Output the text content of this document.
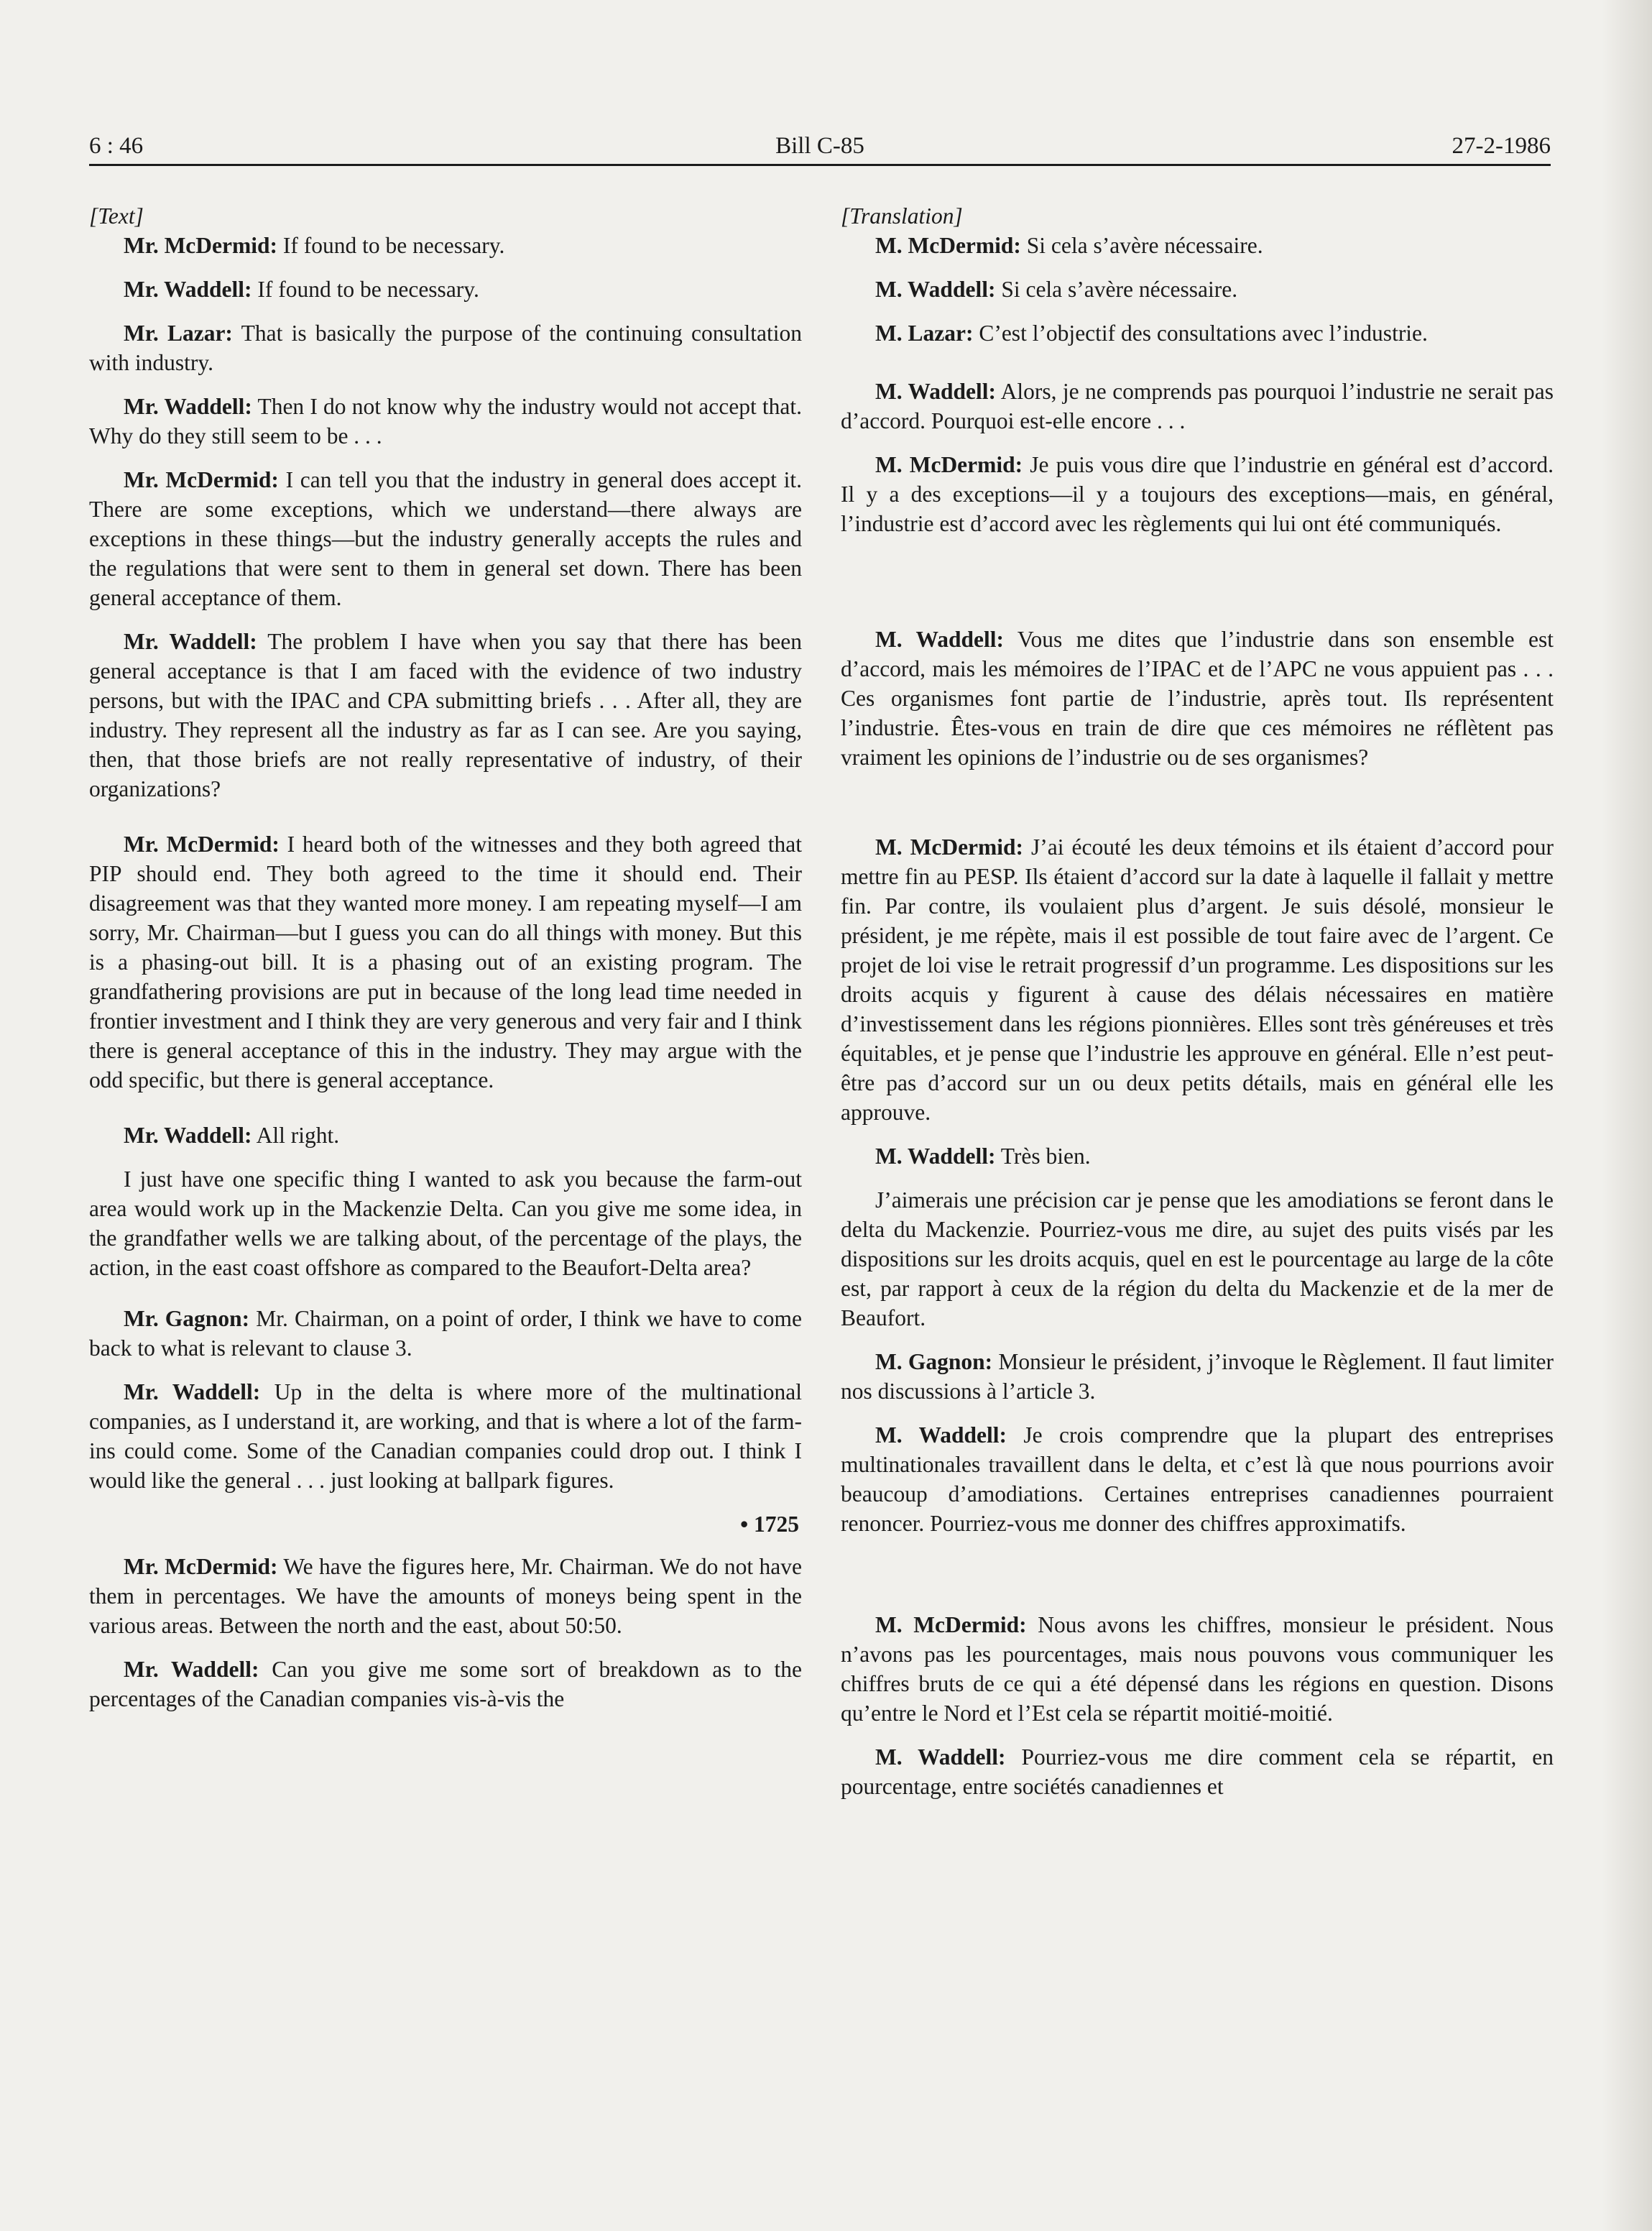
6 : 46	Bill C-85	27-2-1986

[Text]

Mr. McDermid: If found to be necessary.

Mr. Waddell: If found to be necessary.

Mr. Lazar: That is basically the purpose of the continuing consultation with industry.

Mr. Waddell: Then I do not know why the industry would not accept that. Why do they still seem to be . . .

Mr. McDermid: I can tell you that the industry in general does accept it. There are some exceptions, which we understand—there always are exceptions in these things—but the industry generally accepts the rules and the regulations that were sent to them in general set down. There has been general acceptance of them.

Mr. Waddell: The problem I have when you say that there has been general acceptance is that I am faced with the evidence of two industry persons, but with the IPAC and CPA submitting briefs . . . After all, they are industry. They represent all the industry as far as I can see. Are you saying, then, that those briefs are not really representative of industry, of their organizations?

Mr. McDermid: I heard both of the witnesses and they both agreed that PIP should end. They both agreed to the time it should end. Their disagreement was that they wanted more money. I am repeating myself—I am sorry, Mr. Chairman—but I guess you can do all things with money. But this is a phasing-out bill. It is a phasing out of an existing program. The grandfathering provisions are put in because of the long lead time needed in frontier investment and I think they are very generous and very fair and I think there is general acceptance of this in the industry. They may argue with the odd specific, but there is general acceptance.

Mr. Waddell: All right.

I just have one specific thing I wanted to ask you because the farm-out area would work up in the Mackenzie Delta. Can you give me some idea, in the grandfather wells we are talking about, of the percentage of the plays, the action, in the east coast offshore as compared to the Beaufort-Delta area?

Mr. Gagnon: Mr. Chairman, on a point of order, I think we have to come back to what is relevant to clause 3.

Mr. Waddell: Up in the delta is where more of the multinational companies, as I understand it, are working, and that is where a lot of the farm-ins could come. Some of the Canadian companies could drop out. I think I would like the general . . . just looking at ballpark figures.

• 1725

Mr. McDermid: We have the figures here, Mr. Chairman. We do not have them in percentages. We have the amounts of moneys being spent in the various areas. Between the north and the east, about 50:50.

Mr. Waddell: Can you give me some sort of breakdown as to the percentages of the Canadian companies vis-à-vis the

[Translation]

M. McDermid: Si cela s’avère nécessaire.

M. Waddell: Si cela s’avère nécessaire.

M. Lazar: C’est l’objectif des consultations avec l’industrie.

M. Waddell: Alors, je ne comprends pas pourquoi l’industrie ne serait pas d’accord. Pourquoi est-elle encore . . .

M. McDermid: Je puis vous dire que l’industrie en général est d’accord. Il y a des exceptions—il y a toujours des exceptions—mais, en général, l’industrie est d’accord avec les règlements qui lui ont été communiqués.

M. Waddell: Vous me dites que l’industrie dans son ensemble est d’accord, mais les mémoires de l’IPAC et de l’APC ne vous appuient pas . . . Ces organismes font partie de l’industrie, après tout. Ils représentent l’industrie. Êtes-vous en train de dire que ces mémoires ne réflètent pas vraiment les opinions de l’industrie ou de ses organismes?

M. McDermid: J’ai écouté les deux témoins et ils étaient d’accord pour mettre fin au PESP. Ils étaient d’accord sur la date à laquelle il fallait y mettre fin. Par contre, ils voulaient plus d’argent. Je suis désolé, monsieur le président, je me répète, mais il est possible de tout faire avec de l’argent. Ce projet de loi vise le retrait progressif d’un programme. Les dispositions sur les droits acquis y figurent à cause des délais nécessaires en matière d’investissement dans les régions pionnières. Elles sont très généreuses et très équitables, et je pense que l’industrie les approuve en général. Elle n’est peut-être pas d’accord sur un ou deux petits détails, mais en général elle les approuve.

M. Waddell: Très bien.

J’aimerais une précision car je pense que les amodiations se feront dans le delta du Mackenzie. Pourriez-vous me dire, au sujet des puits visés par les dispositions sur les droits acquis, quel en est le pourcentage au large de la côte est, par rapport à ceux de la région du delta du Mackenzie et de la mer de Beaufort.

M. Gagnon: Monsieur le président, j’invoque le Règlement. Il faut limiter nos discussions à l’article 3.

M. Waddell: Je crois comprendre que la plupart des entreprises multinationales travaillent dans le delta, et c’est là que nous pourrions avoir beaucoup d’amodiations. Certaines entreprises canadiennes pourraient renoncer. Pourriez-vous me donner des chiffres approximatifs.

M. McDermid: Nous avons les chiffres, monsieur le président. Nous n’avons pas les pourcentages, mais nous pouvons vous communiquer les chiffres bruts de ce qui a été dépensé dans les régions en question. Disons qu’entre le Nord et l’Est cela se répartit moitié-moitié.

M. Waddell: Pourriez-vous me dire comment cela se répartit, en pourcentage, entre sociétés canadiennes et
